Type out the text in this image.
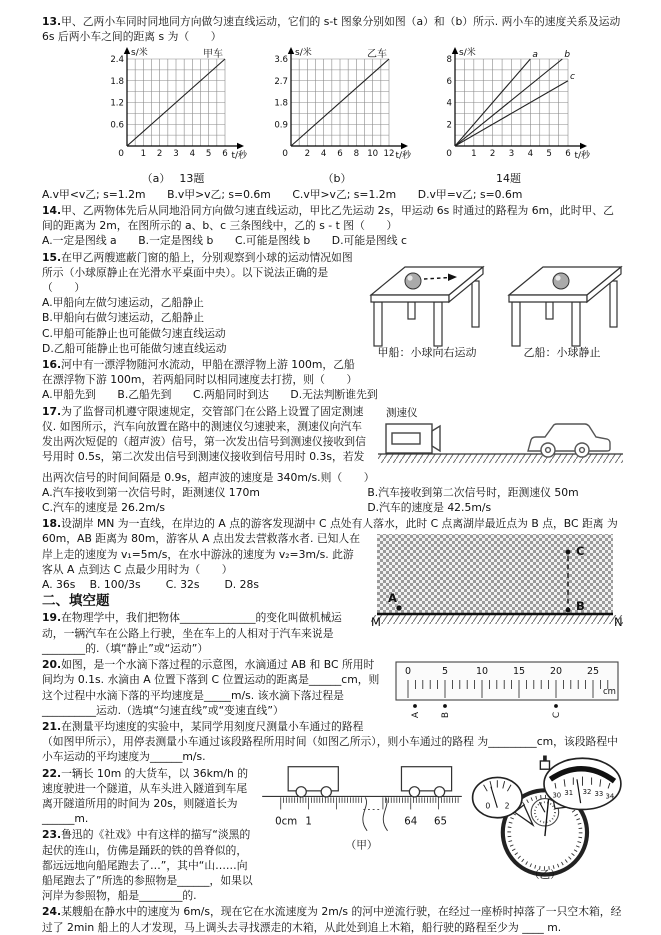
13.甲、乙两小车同时同地同方向做匀速直线运动，它们的 s-t 图象分别如图（a）和（b）所示. 两小车的速度关系及运动 6s 后两小车之间的距离 s 为（　　）

s/米
t/秒
0
0.6
1.2
1.8
2.4
1 2 3 4 5 6
甲车
（a）　 13题
s/米
t/秒
0
0.9
1.8
2.7
3.6
2 4 6 8 10 12
乙车
（b）
s/米
t/秒
0
2
4
6
8
1 2 3 4 5 6
a	b
c
14题

A.v甲<v乙; s=1.2m　　B.v甲>v乙; s=0.6m　　C.v甲>v乙; s=1.2m　　D.v甲=v乙; s=0.6m

14.甲、乙两物体先后从同地沿同方向做匀速直线运动，甲比乙先运动 2s，甲运动 6s 时通过的路程为 6m，此时甲、乙间的距离为 2m，在图所示的 a、b、c 三条图线中，乙的 s - t 图（　　）

A.一定是图线 a　　B.一定是图线 b　　C.可能是图线 b　　D.可能是图线 c

甲船：小球向右运动	乙船：小球静止
15.在甲乙两艘遮蔽门窗的船上，分别观察到小球的运动情况如图所示（小球原静止在光滑水平桌面中央）。以下说法正确的是（　　）

A.甲船向左做匀速运动，乙船静止

B.甲船向右做匀速运动，乙船静止

C.甲船可能静止也可能做匀速直线运动

D.乙船可能静止也可能做匀速直线运动

16.河中有一漂浮物随河水流动，甲船在漂浮物上游 100m，乙船在漂浮物下游 100m，若两船同时以相同速度去打捞，则（　　）

A.甲船先到　　B.乙船先到　　C.两船同时到达　　D.无法判断谁先到

测速仪
17.为了监督司机遵守限速规定，交管部门在公路上设置了固定测速仪. 如图所示，汽车向放置在路中的测速仪匀速驶来，测速仪向汽车发出两次短促的（超声波）信号，第一次发出信号到测速仪接收到信号用时 0.5s，第二次发出信号到测速仪接收到信号用时 0.3s，若发出两次信号的时间间隔是 0.9s，超声波的速度是 340m/s.则（　　）

A.汽车接收到第一次信号时，距测速仪 170m	B.汽车接收到第二次信号时，距测速仪 50m
C.汽车的速度是 26.2m/s	D.汽车的速度是 42.5m/s

18.设湖岸 MN 为一直线，在岸边的 A 点的游客发现湖中 C 点处有人落水，此时 C 点离湖岸最近点为 B 点，BC 距离
A
B
C
M	N
为 60m，AB 距离为 80m，游客从 A 点出发去营救落水者. 已知人在岸上走的速度为 v₁=5m/s，在水中游泳的速度为 v₂=3m/s. 此游客从 A 点到达 C 点最少用时为（　　）

A. 36s　 B. 100/3s　　 C. 32s　　 D. 28s

二、填空题

19.在物理学中，我们把物体______________的变化叫做机械运动，一辆汽车在公路上行驶，坐在车上的人相对于汽车来说是________的.（填“静止”或“运动”）

0	5	10	15	20	25
cm
A B	C
20.如图，是一个水滴下落过程的示意图，水滴通过 AB 和 BC 所用时间均为 0.1s. 水滴由 A 位置下落到 C 位置运动的距离是______cm，则这个过程中水滴下落的平均速度是_____m/s. 该水滴下落过程是__________运动.（选填“匀速直线”或“变速直线”）

21.在测量平均速度的实验中，某同学用刻度尺测量小车通过的路程（如图甲所示），用停表测量小车通过该段路程所用时间（如图乙所示），则小车通过的路程
0cm 1	64 65
（甲）

0 2
30 31 32 33 34
（乙）
为_________cm，该段路程中小车运动的平均速度为______m/s.

22.一辆长 10m 的大货车，以 36km/h 的速度驶进一个隧道，从车头进入隧道到车尾离开隧道所用的时间为 20s，则隧道长为______m.

23.鲁迅的《社戏》中有这样的描写“淡黑的起伏的连山，仿佛是踊跃的铁的兽脊似的，都远远地向船尾跑去了…”，其中“山……向船尾跑去了”所选的参照物是______，如果以河岸为参照物，船是________的.

24.某艘船在静水中的速度为 6m/s，现在它在水流速度为 2m/s 的河中逆流行驶，在经过一座桥时掉落了一只空木箱，经过了 2min 船上的人才发现，马上调头去寻找漂走的木箱，从此处到追上木箱，船行驶的路程至少为 ____ m.
